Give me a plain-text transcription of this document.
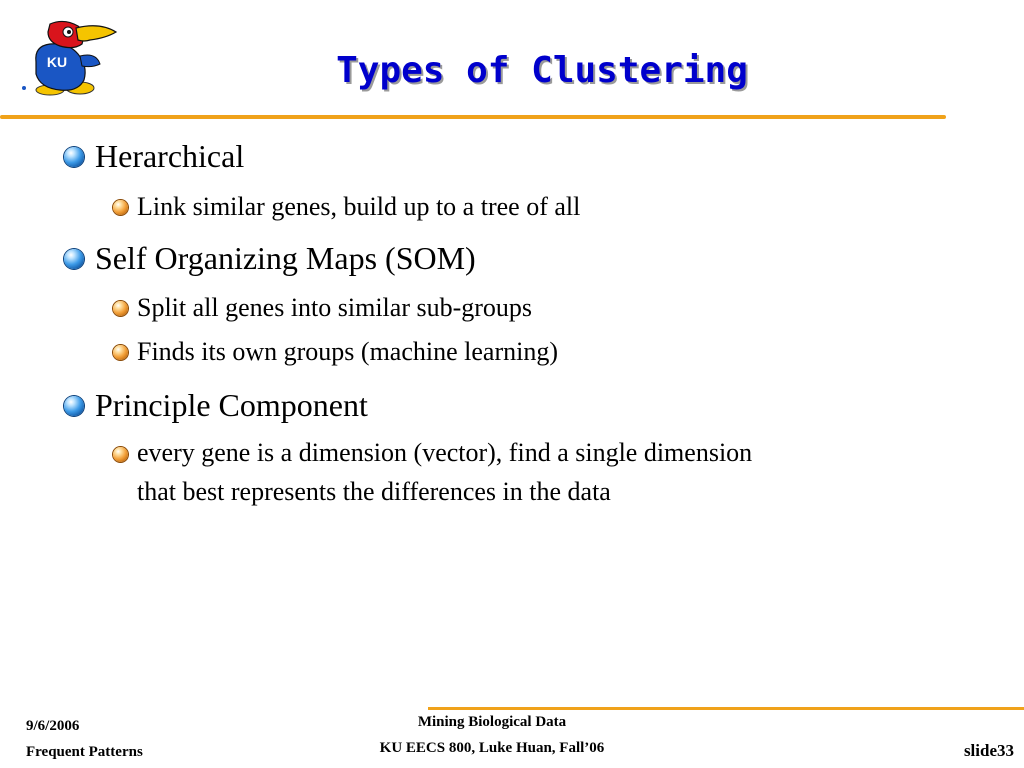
KU	Types of Clustering
Herarchical
Link similar genes, build up to a tree of all
Self Organizing Maps (SOM)
Split all genes into similar sub-groups
Finds its own groups (machine learning)
Principle Component
every gene is a dimension (vector), find a single dimension
that best represents the differences in the data
9/6/2006
Frequent Patterns
Mining Biological Data
KU EECS 800, Luke Huan, Fall’06	slide33
